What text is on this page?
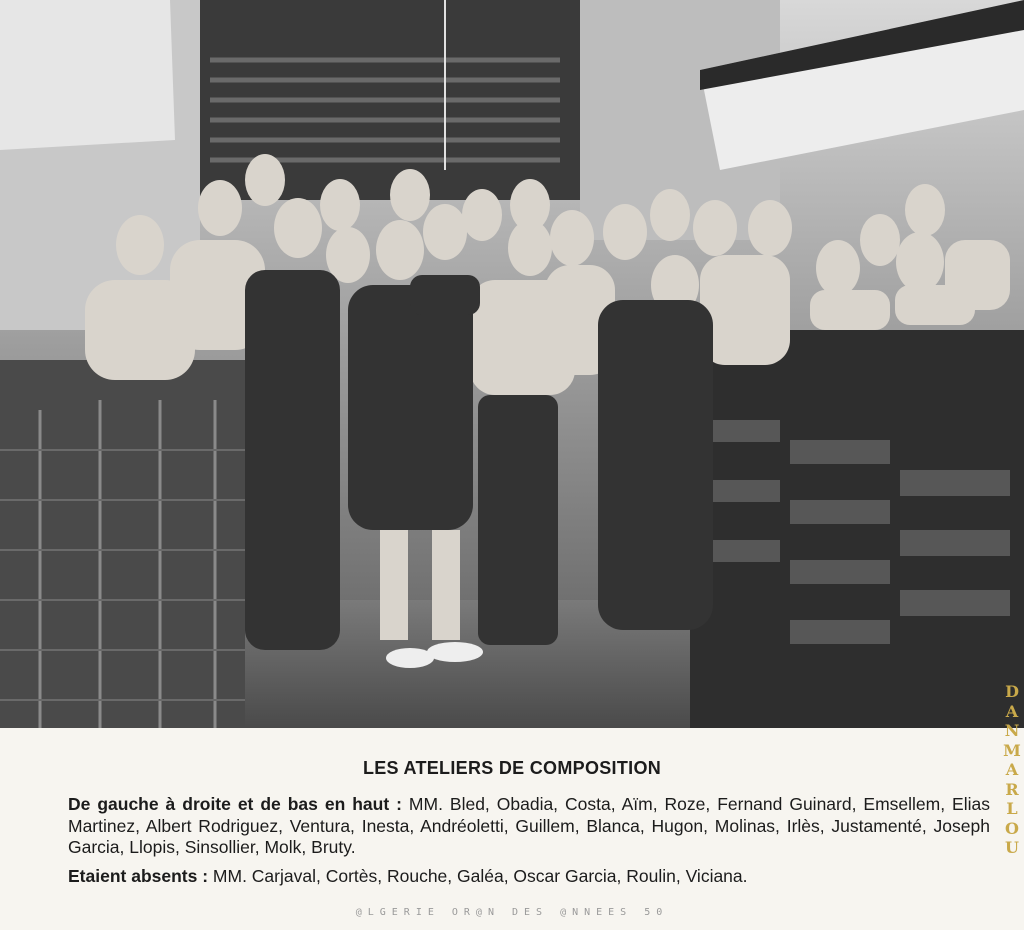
LES ATELIERS DE COMPOSITION
De gauche à droite et de bas en haut : MM. Bled, Obadia, Costa, Aïm, Roze, Fernand Guinard, Emsellem, Elias Martinez, Albert Rodriguez, Ventura, Inesta, Andréoletti, Guillem, Blanca, Hugon, Molinas, Irlès, Justamenté, Joseph Garcia, Llopis, Sinsollier, Molk, Bruty.
Etaient absents : MM. Carjaval, Cortès, Rouche, Galéa, Oscar Garcia, Roulin, Viciana.
@LGERIE OR@N DES @NNEES 50
DANMARLOU
